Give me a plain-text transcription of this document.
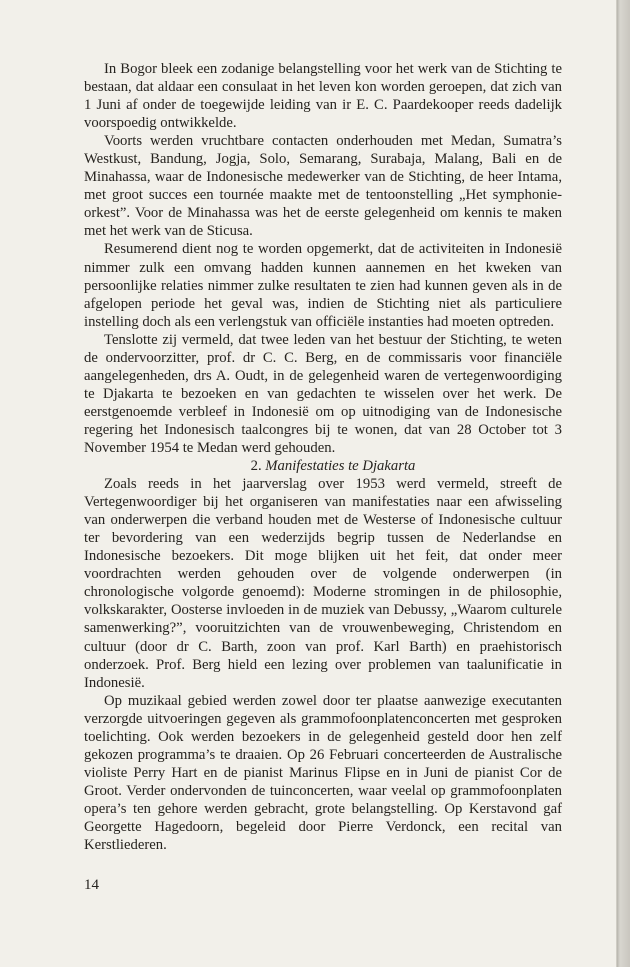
In Bogor bleek een zodanige belangstelling voor het werk van de Stichting te bestaan, dat aldaar een consulaat in het leven kon worden geroepen, dat zich van 1 Juni af onder de toegewijde leiding van ir E. C. Paardekooper reeds dadelijk voorspoedig ontwikkelde.

Voorts werden vruchtbare contacten onderhouden met Medan, Sumatra’s Westkust, Bandung, Jogja, Solo, Semarang, Surabaja, Malang, Bali en de Minahassa, waar de Indonesische medewerker van de Stichting, de heer Intama, met groot succes een tournée maakte met de tentoonstelling „Het symphonie-orkest”. Voor de Minahassa was het de eerste gelegenheid om kennis te maken met het werk van de Sticusa.

Resumerend dient nog te worden opgemerkt, dat de activiteiten in Indonesië nimmer zulk een omvang hadden kunnen aannemen en het kweken van persoonlijke relaties nimmer zulke resultaten te zien had kunnen geven als in de afgelopen periode het geval was, indien de Stichting niet als particuliere instelling doch als een verlengstuk van officiële instanties had moeten optreden.

Tenslotte zij vermeld, dat twee leden van het bestuur der Stichting, te weten de ondervoorzitter, prof. dr C. C. Berg, en de commissaris voor financiële aangelegenheden, drs A. Oudt, in de gelegenheid waren de vertegenwoordiging te Djakarta te bezoeken en van gedachten te wisselen over het werk. De eerstgenoemde verbleef in Indonesië om op uitnodiging van de Indonesische regering het Indonesisch taalcongres bij te wonen, dat van 28 October tot 3 November 1954 te Medan werd gehouden.

2. Manifestaties te Djakarta

Zoals reeds in het jaarverslag over 1953 werd vermeld, streeft de Vertegenwoordiger bij het organiseren van manifestaties naar een afwisseling van onderwerpen die verband houden met de Westerse of Indonesische cultuur ter bevordering van een wederzijds begrip tussen de Nederlandse en Indonesische bezoekers. Dit moge blijken uit het feit, dat onder meer voordrachten werden gehouden over de volgende onderwerpen (in chronologische volgorde genoemd): Moderne stromingen in de philosophie, volkskarakter, Oosterse invloeden in de muziek van Debussy, „Waarom culturele samenwerking?”, vooruitzichten van de vrouwenbeweging, Christendom en cultuur (door dr C. Barth, zoon van prof. Karl Barth) en praehistorisch onderzoek. Prof. Berg hield een lezing over problemen van taalunificatie in Indonesië.

Op muzikaal gebied werden zowel door ter plaatse aanwezige executanten verzorgde uitvoeringen gegeven als grammofoonplatenconcerten met gesproken toelichting. Ook werden bezoekers in de gelegenheid gesteld door hen zelf gekozen programma’s te draaien. Op 26 Februari concerteerden de Australische violiste Perry Hart en de pianist Marinus Flipse en in Juni de pianist Cor de Groot. Verder ondervonden de tuinconcerten, waar veelal op grammofoonplaten opera’s ten gehore werden gebracht, grote belangstelling. Op Kerstavond gaf Georgette Hagedoorn, begeleid door Pierre Verdonck, een recital van Kerstliederen.

14
